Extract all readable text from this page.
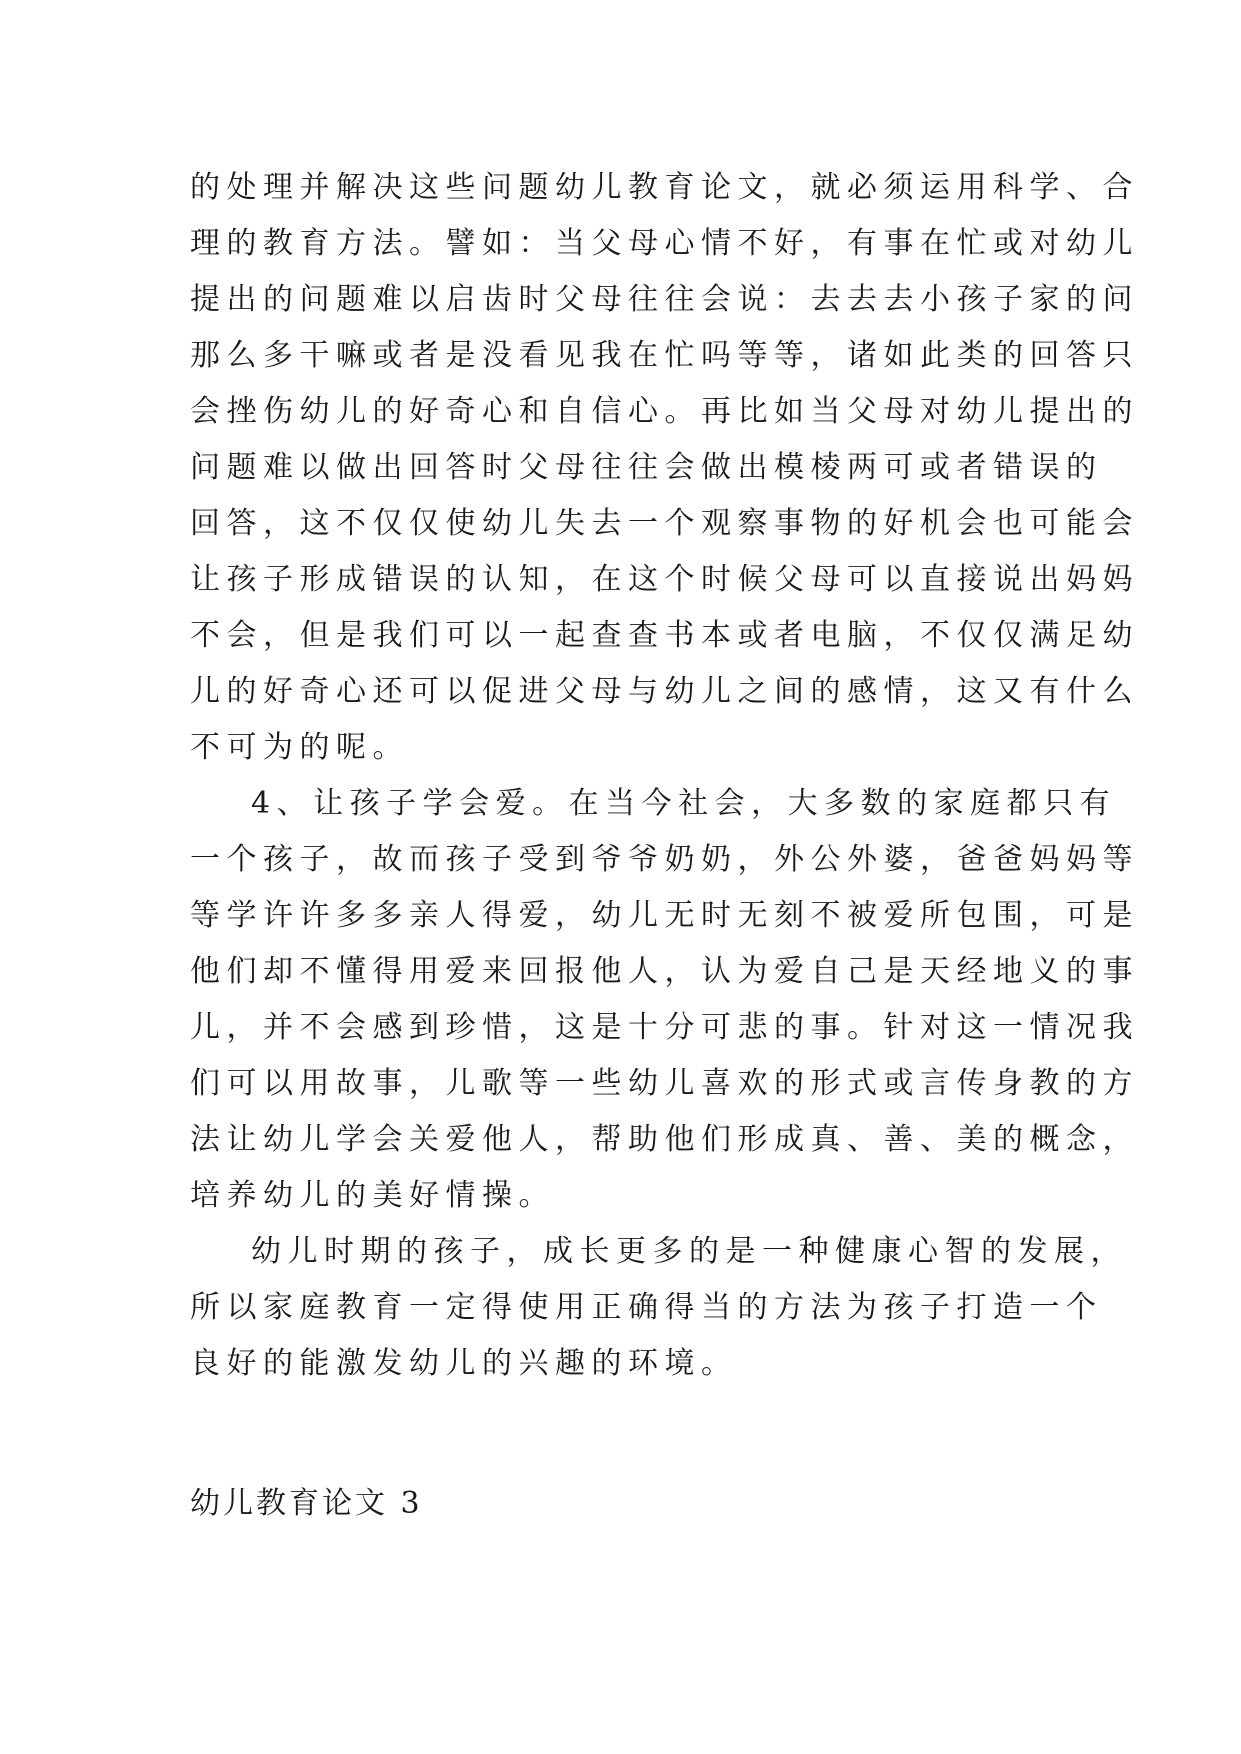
的处理并解决这些问题幼儿教育论文，就必须运用科学、合
理的教育方法。譬如：当父母心情不好，有事在忙或对幼儿
提出的问题难以启齿时父母往往会说：去去去小孩子家的问
那么多干嘛或者是没看见我在忙吗等等，诸如此类的回答只
会挫伤幼儿的好奇心和自信心。再比如当父母对幼儿提出的
问题难以做出回答时父母往往会做出模棱两可或者错误的
回答，这不仅仅使幼儿失去一个观察事物的好机会也可能会
让孩子形成错误的认知，在这个时候父母可以直接说出妈妈
不会，但是我们可以一起查查书本或者电脑，不仅仅满足幼
儿的好奇心还可以促进父母与幼儿之间的感情，这又有什么
不可为的呢。
4、让孩子学会爱。在当今社会，大多数的家庭都只有
一个孩子，故而孩子受到爷爷奶奶，外公外婆，爸爸妈妈等
等学许许多多亲人得爱，幼儿无时无刻不被爱所包围，可是
他们却不懂得用爱来回报他人，认为爱自己是天经地义的事
儿，并不会感到珍惜，这是十分可悲的事。针对这一情况我
们可以用故事，儿歌等一些幼儿喜欢的形式或言传身教的方
法让幼儿学会关爱他人，帮助他们形成真、善、美的概念，
培养幼儿的美好情操。
幼儿时期的孩子，成长更多的是一种健康心智的发展，
所以家庭教育一定得使用正确得当的方法为孩子打造一个
良好的能激发幼儿的兴趣的环境。
幼儿教育论文 3
